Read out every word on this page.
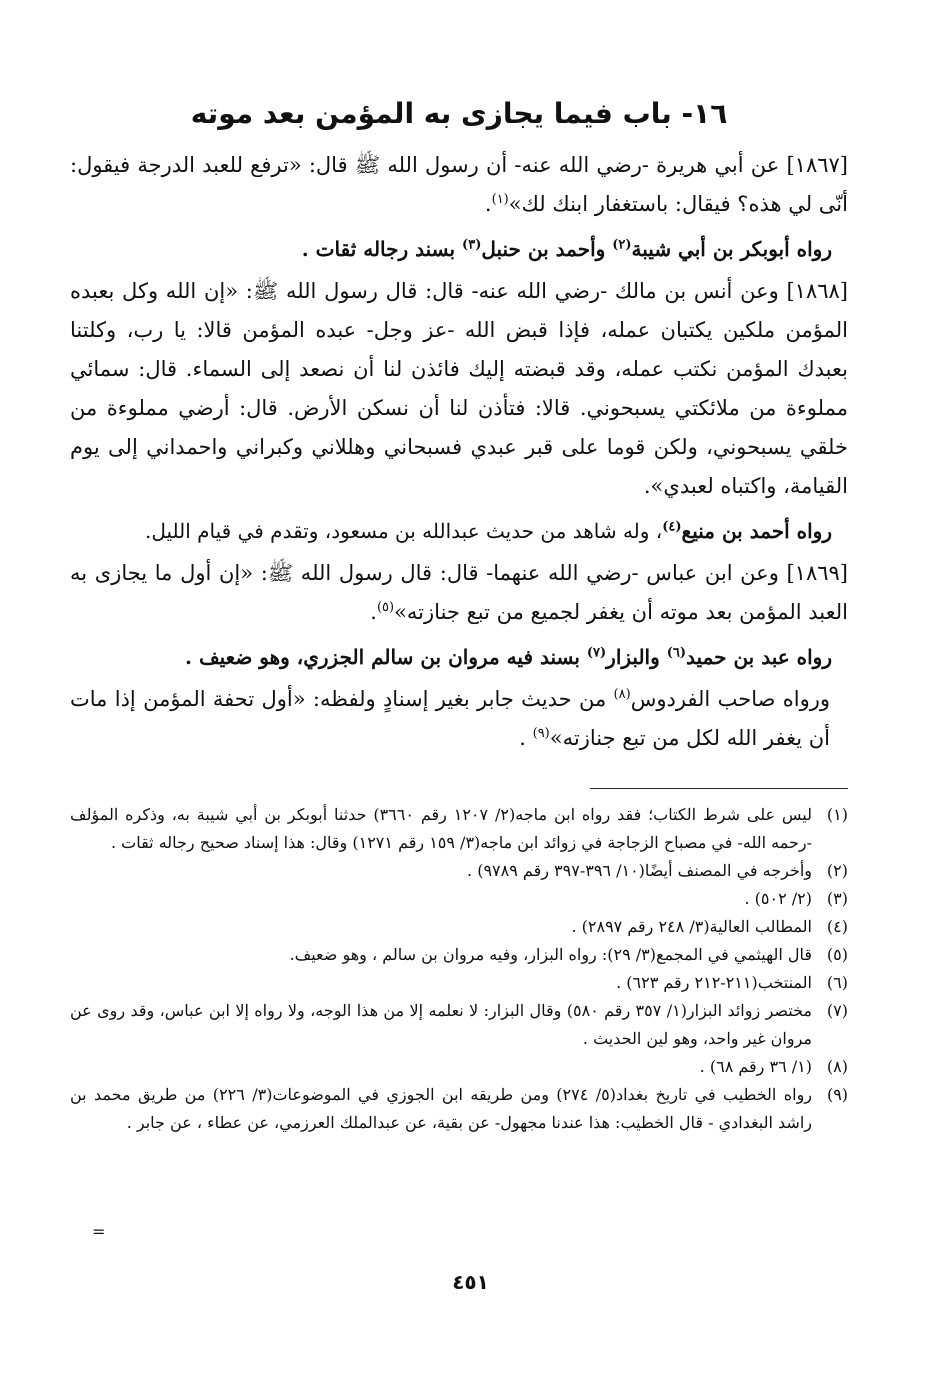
١٦- باب فيما يجازى به المؤمن بعد موته

[١٨٦٧] عن أبي هريرة -رضي الله عنه- أن رسول الله ﷺ قال: «ترفع للعبد الدرجة فيقول: أنّى لي هذه؟ فيقال: باستغفار ابنك لك»$^{(١)}$.

رواه أبوبكر بن أبي شيبة$^{(٢)}$ وأحمد بن حنبل$^{(٣)}$ بسند رجاله ثقات .

[١٨٦٨] وعن أنس بن مالك -رضي الله عنه- قال: قال رسول الله ﷺ: «إن الله وكل بعبده المؤمن ملكين يكتبان عمله، فإذا قبض الله -عز وجل- عبده المؤمن قالا: يا رب، وكلتنا بعبدك المؤمن نكتب عمله، وقد قبضته إليك فائذن لنا أن نصعد إلى السماء. قال: سمائي مملوءة من ملائكتي يسبحوني. قالا: فتأذن لنا أن نسكن الأرض. قال: أرضي مملوءة من خلقي يسبحوني، ولكن قوما على قبر عبدي فسبحاني وهللاني وكبراني واحمداني إلى يوم القيامة، واكتباه لعبدي».

رواه أحمد بن منيع$^{(٤)}$، وله شاهد من حديث عبدالله بن مسعود، وتقدم في قيام الليل.

[١٨٦٩] وعن ابن عباس -رضي الله عنهما- قال: قال رسول الله ﷺ: «إن أول ما يجازى به العبد المؤمن بعد موته أن يغفر لجميع من تبع جنازته»$^{(٥)}$.

رواه عبد بن حميد$^{(٦)}$ والبزار$^{(٧)}$ بسند فيه مروان بن سالم الجزري، وهو ضعيف .

ورواه صاحب الفردوس$^{(٨)}$ من حديث جابر بغير إسنادٍ ولفظه: «أول تحفة المؤمن إذا مات أن يغفر الله لكل من تبع جنازته»$^{(٩)}$ .

(١)ليس على شرط الكتاب؛ فقد رواه ابن ماجه(٢/ ١٢٠٧ رقم ٣٦٦٠) حدثنا أبوبكر بن أبي شيبة به، وذكره المؤلف -رحمه الله- في مصباح الزجاجة في زوائد ابن ماجه(٣/ ١٥٩ رقم ١٢٧١) وقال: هذا إسناد صحيح رجاله ثقات .

(٢)وأخرجه في المصنف أيضًا(١٠/ ٣٩٦-٣٩٧ رقم ٩٧٨٩) .

(٣)(٢/ ٥٠٢) .

(٤)المطالب العالية(٣/ ٢٤٨ رقم ٢٨٩٧) .

(٥)قال الهيثمي في المجمع(٣/ ٢٩): رواه البزار، وفيه مروان بن سالم ، وهو ضعيف.

(٦)المنتخب(٢١١-٢١٢ رقم ٦٢٣) .

(٧)مختصر زوائد البزار(١/ ٣٥٧ رقم ٥٨٠) وقال البزار: لا نعلمه إلا من هذا الوجه، ولا رواه إلا ابن عباس، وقد روى عن مروان غير واحد، وهو لين الحديث .

(٨)(١/ ٣٦ رقم ٦٨) .

(٩)رواه الخطيب في تاريخ بغداد(٥/ ٢٧٤) ومن طريقه ابن الجوزي في الموضوعات(٣/ ٢٢٦) من طريق محمد بن راشد البغدادي - قال الخطيب: هذا عندنا مجهول- عن بقية، عن عبدالملك العرزمي، عن عطاء ، عن جابر .

=
٤٥١
